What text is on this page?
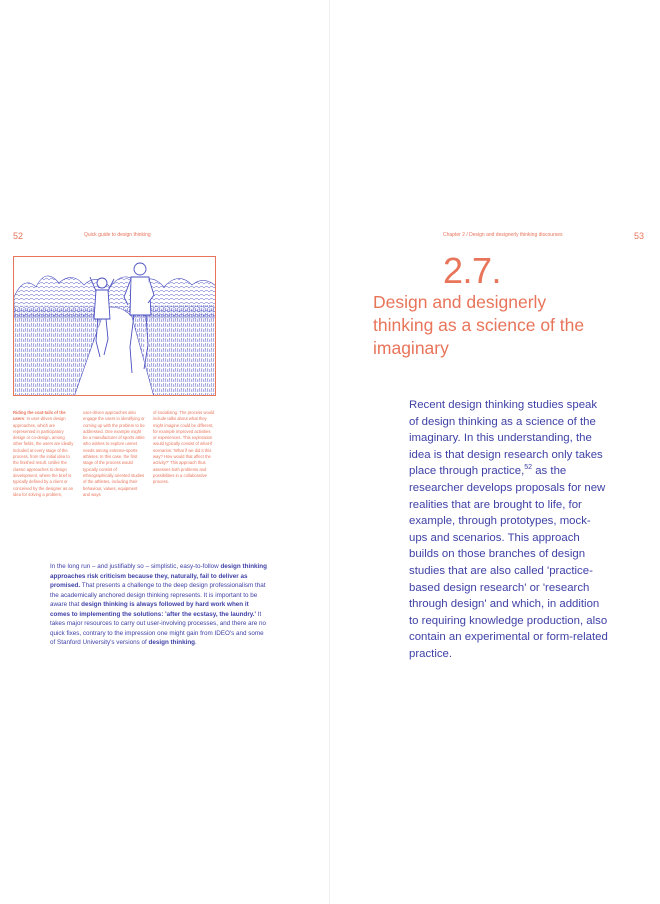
52	Quick guide to design thinking
Riding the coat-tails of the users: In user-driven design approaches, which are represented in participatory design or co-design, among other fields, the users are ideally included at every stage of the process, from the initial idea to the finished result. Unlike the classic approaches to design development, where the brief is typically defined by a client or conceived by the designer as an idea for solving a problem,
user-driven approaches also engage the users in identifying or coming up with the problem to be addressed. One example might be a manufacturer of sports attire who wishes to explore unmet needs among extreme-sports athletes. In this case, the first stage of the process would typically consist of ethnographically oriented studies of the athletes, including their behaviour, values, equipment and ways
of socialising. The process would include talks about what they might imagine could be different, for example improved activities or experiences. This exploration would typically consist of what-if scenarios: 'What if we did it this way? How would that affect the activity?' This approach thus assesses both problems and possibilities in a collaborative process.
In the long run – and justifiably so – simplistic, easy-to-follow design thinking approaches risk criticism because they, naturally, fail to deliver as promised. That presents a challenge to the deep design professionalism that the academically anchored design thinking represents. It is important to be aware that design thinking is always followed by hard work when it comes to implementing the solutions: 'after the ecstasy, the laundry.' It takes major resources to carry out user-involving processes, and there are no quick fixes, contrary to the impression one might gain from IDEO's and some of Stanford University's versions of design thinking.
Chapter 2 / Design and designerly thinking discourses	53
2.7.
Design and designerly thinking as a science of the imaginary
Recent design thinking studies speak of design thinking as a science of the imaginary. In this understanding, the idea is that design research only takes place through practice,$^{52}$ as the researcher develops proposals for new realities that are brought to life, for example, through prototypes, mock-ups and scenarios. This approach builds on those branches of design studies that are also called 'practice-based design research' or 'research through design' and which, in addition to requiring knowledge production, also contain an experimental or form-related practice.
